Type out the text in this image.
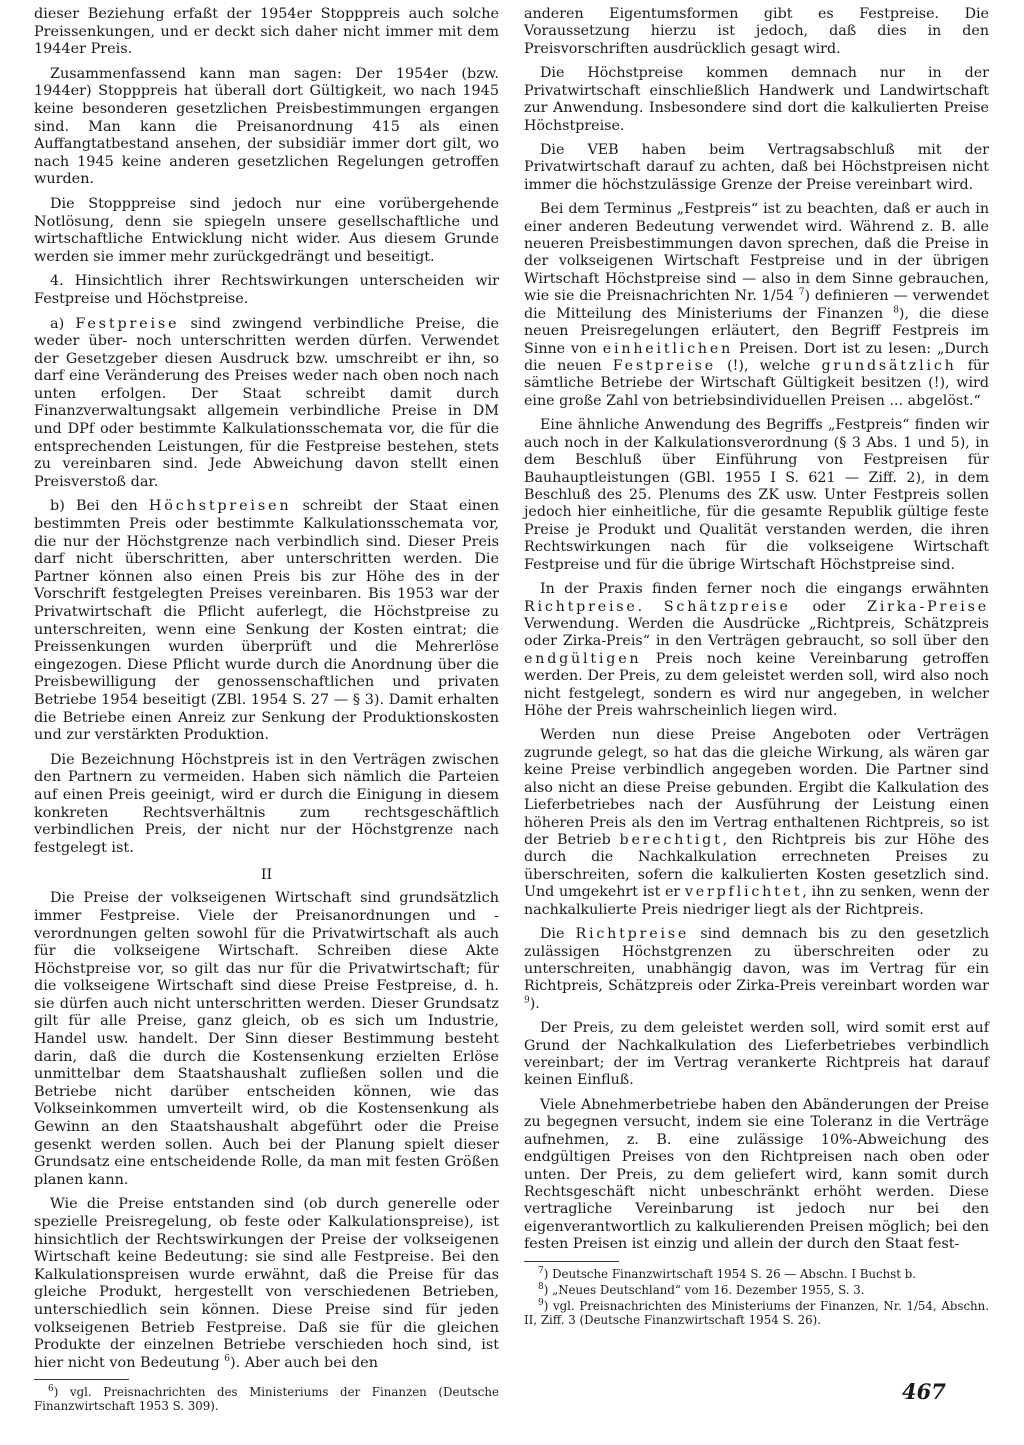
dieser Beziehung erfaßt der 1954er Stopppreis auch solche Preissenkungen, und er deckt sich daher nicht immer mit dem 1944er Preis.

Zusammenfassend kann man sagen: Der 1954er (bzw. 1944er) Stopppreis hat überall dort Gültigkeit, wo nach 1945 keine besonderen gesetzlichen Preisbestimmungen ergangen sind. Man kann die Preisanordnung 415 als einen Auffangtatbestand ansehen, der subsidiär immer dort gilt, wo nach 1945 keine anderen gesetzlichen Regelungen getroffen wurden.

Die Stopppreise sind jedoch nur eine vorübergehende Notlösung, denn sie spiegeln unsere gesellschaftliche und wirtschaftliche Entwicklung nicht wider. Aus diesem Grunde werden sie immer mehr zurückgedrängt und beseitigt.

4. Hinsichtlich ihrer Rechtswirkungen unterscheiden wir Festpreise und Höchstpreise.

a) Festpreise sind zwingend verbindliche Preise, die weder über- noch unterschritten werden dürfen. Verwendet der Gesetzgeber diesen Ausdruck bzw. umschreibt er ihn, so darf eine Veränderung des Preises weder nach oben noch nach unten erfolgen. Der Staat schreibt damit durch Finanzverwaltungsakt allgemein verbindliche Preise in DM und DPf oder bestimmte Kalkulationsschemata vor, die für die entsprechenden Leistungen, für die Festpreise bestehen, stets zu vereinbaren sind. Jede Abweichung davon stellt einen Preisverstoß dar.

b) Bei den Höchstpreisen schreibt der Staat einen bestimmten Preis oder bestimmte Kalkulationsschemata vor, die nur der Höchstgrenze nach verbindlich sind. Dieser Preis darf nicht überschritten, aber unterschritten werden. Die Partner können also einen Preis bis zur Höhe des in der Vorschrift festgelegten Preises vereinbaren. Bis 1953 war der Privatwirtschaft die Pflicht auferlegt, die Höchstpreise zu unterschreiten, wenn eine Senkung der Kosten eintrat; die Preissenkungen wurden überprüft und die Mehrerlöse eingezogen. Diese Pflicht wurde durch die Anordnung über die Preisbewilligung der genossenschaftlichen und privaten Betriebe 1954 beseitigt (ZBl. 1954 S. 27 — § 3). Damit erhalten die Betriebe einen Anreiz zur Senkung der Produktionskosten und zur verstärkten Produktion.

Die Bezeichnung Höchstpreis ist in den Verträgen zwischen den Partnern zu vermeiden. Haben sich nämlich die Parteien auf einen Preis geeinigt, wird er durch die Einigung in diesem konkreten Rechtsverhältnis zum rechtsgeschäftlich verbindlichen Preis, der nicht nur der Höchstgrenze nach festgelegt ist.

II

Die Preise der volkseigenen Wirtschaft sind grundsätzlich immer Festpreise. Viele der Preisanordnungen und -verordnungen gelten sowohl für die Privatwirtschaft als auch für die volkseigene Wirtschaft. Schreiben diese Akte Höchstpreise vor, so gilt das nur für die Privatwirtschaft; für die volkseigene Wirtschaft sind diese Preise Festpreise, d. h. sie dürfen auch nicht unterschritten werden. Dieser Grundsatz gilt für alle Preise, ganz gleich, ob es sich um Industrie, Handel usw. handelt. Der Sinn dieser Bestimmung besteht darin, daß die durch die Kostensenkung erzielten Erlöse unmittelbar dem Staatshaushalt zufließen sollen und die Betriebe nicht darüber entscheiden können, wie das Volkseinkommen umverteilt wird, ob die Kostensenkung als Gewinn an den Staatshaushalt abgeführt oder die Preise gesenkt werden sollen. Auch bei der Planung spielt dieser Grundsatz eine entscheidende Rolle, da man mit festen Größen planen kann.

Wie die Preise entstanden sind (ob durch generelle oder spezielle Preisregelung, ob feste oder Kalkulationspreise), ist hinsichtlich der Rechtswirkungen der Preise der volkseigenen Wirtschaft keine Bedeutung: sie sind alle Festpreise. Bei den Kalkulationspreisen wurde erwähnt, daß die Preise für das gleiche Produkt, hergestellt von verschiedenen Betrieben, unterschiedlich sein können. Diese Preise sind für jeden volkseigenen Betrieb Festpreise. Daß sie für die gleichen Produkte der einzelnen Betriebe verschieden hoch sind, ist hier nicht von Bedeutung $^6$). Aber auch bei den

$^6$) vgl. Preisnachrichten des Ministeriums der Finanzen (Deutsche Finanzwirtschaft 1953 S. 309).

anderen Eigentumsformen gibt es Festpreise. Die Voraussetzung hierzu ist jedoch, daß dies in den Preisvorschriften ausdrücklich gesagt wird.

Die Höchstpreise kommen demnach nur in der Privatwirtschaft einschließlich Handwerk und Landwirtschaft zur Anwendung. Insbesondere sind dort die kalkulierten Preise Höchstpreise.

Die VEB haben beim Vertragsabschluß mit der Privatwirtschaft darauf zu achten, daß bei Höchstpreisen nicht immer die höchstzulässige Grenze der Preise vereinbart wird.

Bei dem Terminus „Festpreis“ ist zu beachten, daß er auch in einer anderen Bedeutung verwendet wird. Während z. B. alle neueren Preisbestimmungen davon sprechen, daß die Preise in der volkseigenen Wirtschaft Festpreise und in der übrigen Wirtschaft Höchstpreise sind — also in dem Sinne gebrauchen, wie sie die Preisnachrichten Nr. 1/54 $^7$) definieren — verwendet die Mitteilung des Ministeriums der Finanzen $^8$), die diese neuen Preisregelungen erläutert, den Begriff Festpreis im Sinne von einheitlichen Preisen. Dort ist zu lesen: „Durch die neuen Festpreise (!), welche grundsätzlich für sämtliche Betriebe der Wirtschaft Gültigkeit besitzen (!), wird eine große Zahl von betriebsindividuellen Preisen ... abgelöst.“

Eine ähnliche Anwendung des Begriffs „Festpreis“ finden wir auch noch in der Kalkulationsverordnung (§ 3 Abs. 1 und 5), in dem Beschluß über Einführung von Festpreisen für Bauhauptleistungen (GBl. 1955 I S. 621 — Ziff. 2), in dem Beschluß des 25. Plenums des ZK usw. Unter Festpreis sollen jedoch hier einheitliche, für die gesamte Republik gültige feste Preise je Produkt und Qualität verstanden werden, die ihren Rechtswirkungen nach für die volkseigene Wirtschaft Festpreise und für die übrige Wirtschaft Höchstpreise sind.

In der Praxis finden ferner noch die eingangs erwähnten Richtpreise. Schätzpreise oder Zirka-Preise Verwendung. Werden die Ausdrücke „Richtpreis, Schätzpreis oder Zirka-Preis“ in den Verträgen gebraucht, so soll über den endgültigen Preis noch keine Vereinbarung getroffen werden. Der Preis, zu dem geleistet werden soll, wird also noch nicht festgelegt, sondern es wird nur angegeben, in welcher Höhe der Preis wahrscheinlich liegen wird.

Werden nun diese Preise Angeboten oder Verträgen zugrunde gelegt, so hat das die gleiche Wirkung, als wären gar keine Preise verbindlich angegeben worden. Die Partner sind also nicht an diese Preise gebunden. Ergibt die Kalkulation des Lieferbetriebes nach der Ausführung der Leistung einen höheren Preis als den im Vertrag enthaltenen Richtpreis, so ist der Betrieb berechtigt, den Richtpreis bis zur Höhe des durch die Nachkalkulation errechneten Preises zu überschreiten, sofern die kalkulierten Kosten gesetzlich sind. Und umgekehrt ist er verpflichtet, ihn zu senken, wenn der nachkalkulierte Preis niedriger liegt als der Richtpreis.

Die Richtpreise sind demnach bis zu den gesetzlich zulässigen Höchstgrenzen zu überschreiten oder zu unterschreiten, unabhängig davon, was im Vertrag für ein Richtpreis, Schätzpreis oder Zirka-Preis vereinbart worden war $^9$).

Der Preis, zu dem geleistet werden soll, wird somit erst auf Grund der Nachkalkulation des Lieferbetriebes verbindlich vereinbart; der im Vertrag verankerte Richtpreis hat darauf keinen Einfluß.

Viele Abnehmerbetriebe haben den Abänderungen der Preise zu begegnen versucht, indem sie eine Toleranz in die Verträge aufnehmen, z. B. eine zulässige 10%-Abweichung des endgültigen Preises von den Richtpreisen nach oben oder unten. Der Preis, zu dem geliefert wird, kann somit durch Rechtsgeschäft nicht unbeschränkt erhöht werden. Diese vertragliche Vereinbarung ist jedoch nur bei den eigenverantwortlich zu kalkulierenden Preisen möglich; bei den festen Preisen ist einzig und allein der durch den Staat fest-

$^7$) Deutsche Finanzwirtschaft 1954 S. 26 — Abschn. I Buchst b.

$^8$) „Neues Deutschland“ vom 16. Dezember 1955, S. 3.

$^9$) vgl. Preisnachrichten des Ministeriums der Finanzen, Nr. 1/54, Abschn. II, Ziff. 3 (Deutsche Finanzwirtschaft 1954 S. 26).

467
